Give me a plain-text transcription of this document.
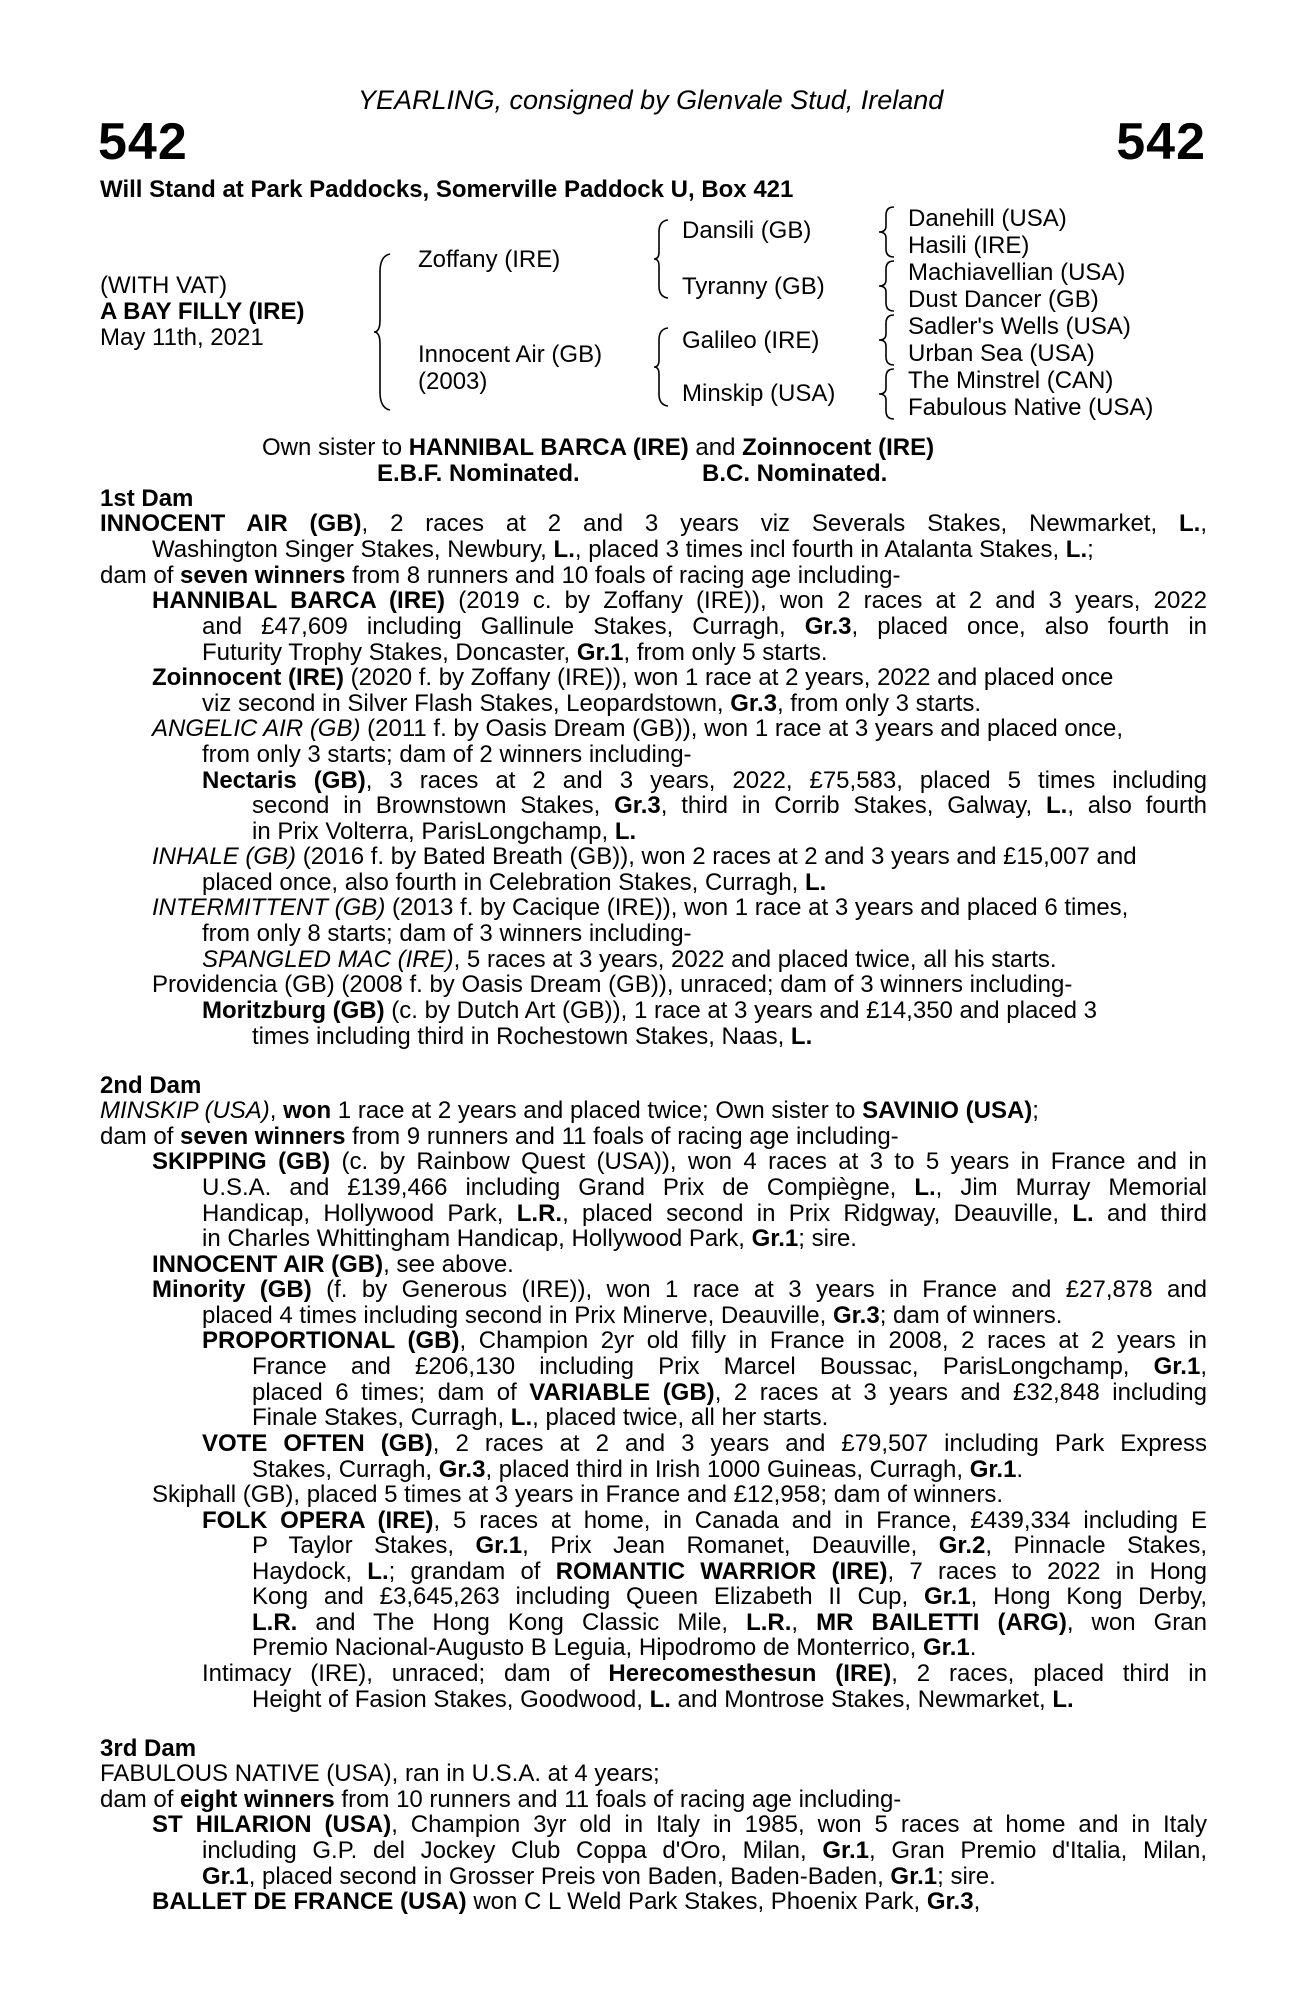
YEARLING, consigned by Glenvale Stud, Ireland
542	542
Will Stand at Park Paddocks, Somerville Paddock U, Box 421
(WITH VAT)
A BAY FILLY (IRE)
May 11th, 2021
Zoffany (IRE)
Innocent Air (GB)
(2003)
Dansili (GB)
Tyranny (GB)
Galileo (IRE)
Minskip (USA)
Danehill (USA)
Hasili (IRE)
Machiavellian (USA)
Dust Dancer (GB)
Sadler's Wells (USA)
Urban Sea (USA)
The Minstrel (CAN)
Fabulous Native (USA)
Own sister to HANNIBAL BARCA (IRE) and Zoinnocent (IRE)
E.B.F. Nominated.	B.C. Nominated.
1st Dam
INNOCENT AIR (GB), 2 races at 2 and 3 years viz Severals Stakes, Newmarket, L.,
Washington Singer Stakes, Newbury, L., placed 3 times incl fourth in Atalanta Stakes, L.;
dam of seven winners from 8 runners and 10 foals of racing age including-
HANNIBAL BARCA (IRE) (2019 c. by Zoffany (IRE)), won 2 races at 2 and 3 years, 2022
and £47,609 including Gallinule Stakes, Curragh, Gr.3, placed once, also fourth in
Futurity Trophy Stakes, Doncaster, Gr.1, from only 5 starts.
Zoinnocent (IRE) (2020 f. by Zoffany (IRE)), won 1 race at 2 years, 2022 and placed once
viz second in Silver Flash Stakes, Leopardstown, Gr.3, from only 3 starts.
ANGELIC AIR (GB) (2011 f. by Oasis Dream (GB)), won 1 race at 3 years and placed once,
from only 3 starts; dam of 2 winners including-
Nectaris (GB), 3 races at 2 and 3 years, 2022, £75,583, placed 5 times including
second in Brownstown Stakes, Gr.3, third in Corrib Stakes, Galway, L., also fourth
in Prix Volterra, ParisLongchamp, L.
INHALE (GB) (2016 f. by Bated Breath (GB)), won 2 races at 2 and 3 years and £15,007 and
placed once, also fourth in Celebration Stakes, Curragh, L.
INTERMITTENT (GB) (2013 f. by Cacique (IRE)), won 1 race at 3 years and placed 6 times,
from only 8 starts; dam of 3 winners including-
SPANGLED MAC (IRE), 5 races at 3 years, 2022 and placed twice, all his starts.
Providencia (GB) (2008 f. by Oasis Dream (GB)), unraced; dam of 3 winners including-
Moritzburg (GB) (c. by Dutch Art (GB)), 1 race at 3 years and £14,350 and placed 3
times including third in Rochestown Stakes, Naas, L.
2nd Dam
MINSKIP (USA), won 1 race at 2 years and placed twice; Own sister to SAVINIO (USA);
dam of seven winners from 9 runners and 11 foals of racing age including-
SKIPPING (GB) (c. by Rainbow Quest (USA)), won 4 races at 3 to 5 years in France and in
U.S.A. and £139,466 including Grand Prix de Compiègne, L., Jim Murray Memorial
Handicap, Hollywood Park, L.R., placed second in Prix Ridgway, Deauville, L. and third
in Charles Whittingham Handicap, Hollywood Park, Gr.1; sire.
INNOCENT AIR (GB), see above.
Minority (GB) (f. by Generous (IRE)), won 1 race at 3 years in France and £27,878 and
placed 4 times including second in Prix Minerve, Deauville, Gr.3; dam of winners.
PROPORTIONAL (GB), Champion 2yr old filly in France in 2008, 2 races at 2 years in
France and £206,130 including Prix Marcel Boussac, ParisLongchamp, Gr.1,
placed 6 times; dam of VARIABLE (GB), 2 races at 3 years and £32,848 including
Finale Stakes, Curragh, L., placed twice, all her starts.
VOTE OFTEN (GB), 2 races at 2 and 3 years and £79,507 including Park Express
Stakes, Curragh, Gr.3, placed third in Irish 1000 Guineas, Curragh, Gr.1.
Skiphall (GB), placed 5 times at 3 years in France and £12,958; dam of winners.
FOLK OPERA (IRE), 5 races at home, in Canada and in France, £439,334 including E
P Taylor Stakes, Gr.1, Prix Jean Romanet, Deauville, Gr.2, Pinnacle Stakes,
Haydock, L.; grandam of ROMANTIC WARRIOR (IRE), 7 races to 2022 in Hong
Kong and £3,645,263 including Queen Elizabeth II Cup, Gr.1, Hong Kong Derby,
L.R. and The Hong Kong Classic Mile, L.R., MR BAILETTI (ARG), won Gran
Premio Nacional-Augusto B Leguia, Hipodromo de Monterrico, Gr.1.
Intimacy (IRE), unraced; dam of Herecomesthesun (IRE), 2 races, placed third in
Height of Fasion Stakes, Goodwood, L. and Montrose Stakes, Newmarket, L.
3rd Dam
FABULOUS NATIVE (USA), ran in U.S.A. at 4 years;
dam of eight winners from 10 runners and 11 foals of racing age including-
ST HILARION (USA), Champion 3yr old in Italy in 1985, won 5 races at home and in Italy
including G.P. del Jockey Club Coppa d'Oro, Milan, Gr.1, Gran Premio d'Italia, Milan,
Gr.1, placed second in Grosser Preis von Baden, Baden-Baden, Gr.1; sire.
BALLET DE FRANCE (USA) won C L Weld Park Stakes, Phoenix Park, Gr.3,
